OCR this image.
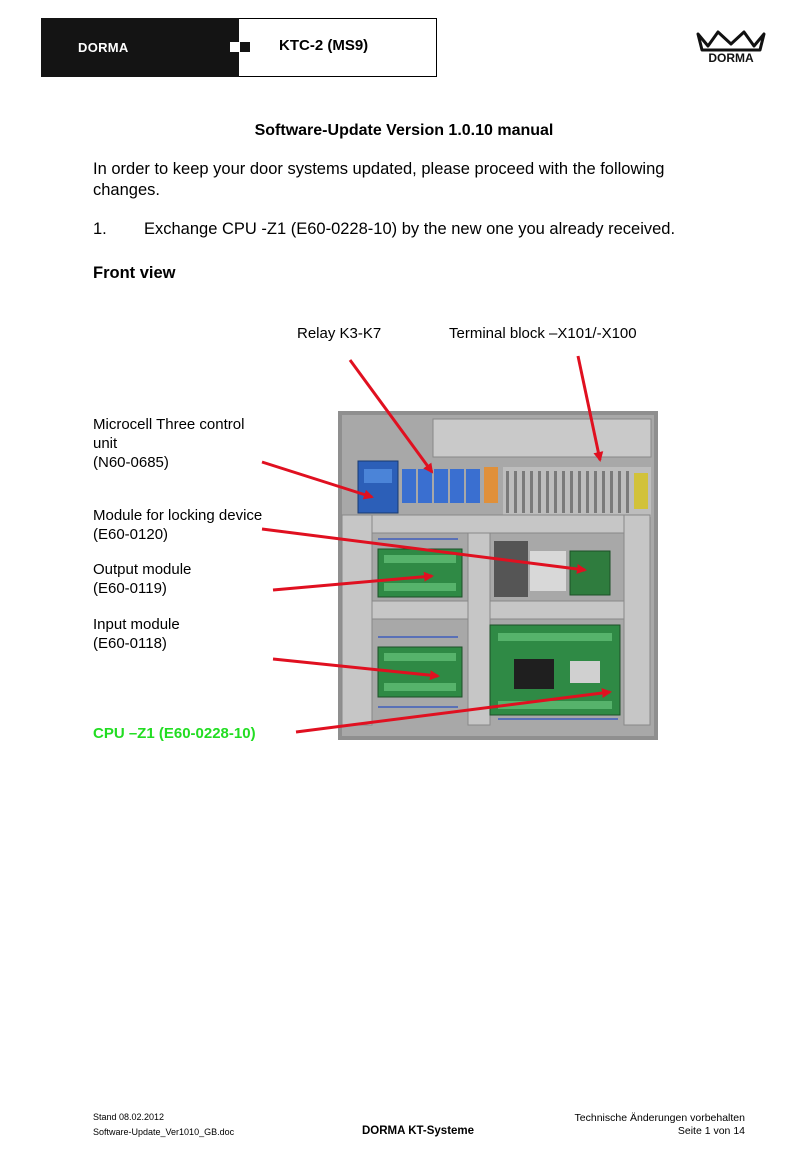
DORMA	KTC-2 (MS9)
DORMA
Software-Update Version 1.0.10 manual
In order to keep your door systems updated, please proceed with the following changes.
1. Exchange CPU -Z1 (E60-0228-10) by the new one you already received.
Front view
Relay K3-K7	Terminal block –X101/-X100
Microcell Three control
unit
(N60-0685)
Module for locking device
(E60-0120)
Output module
(E60-0119)
Input module
(E60-0118)
CPU –Z1 (E60-0228-10)
Stand 08.02.2012
Software-Update_Ver1010_GB.doc	DORMA KT-Systeme
Technische Änderungen vorbehalten
Seite 1 von 14
